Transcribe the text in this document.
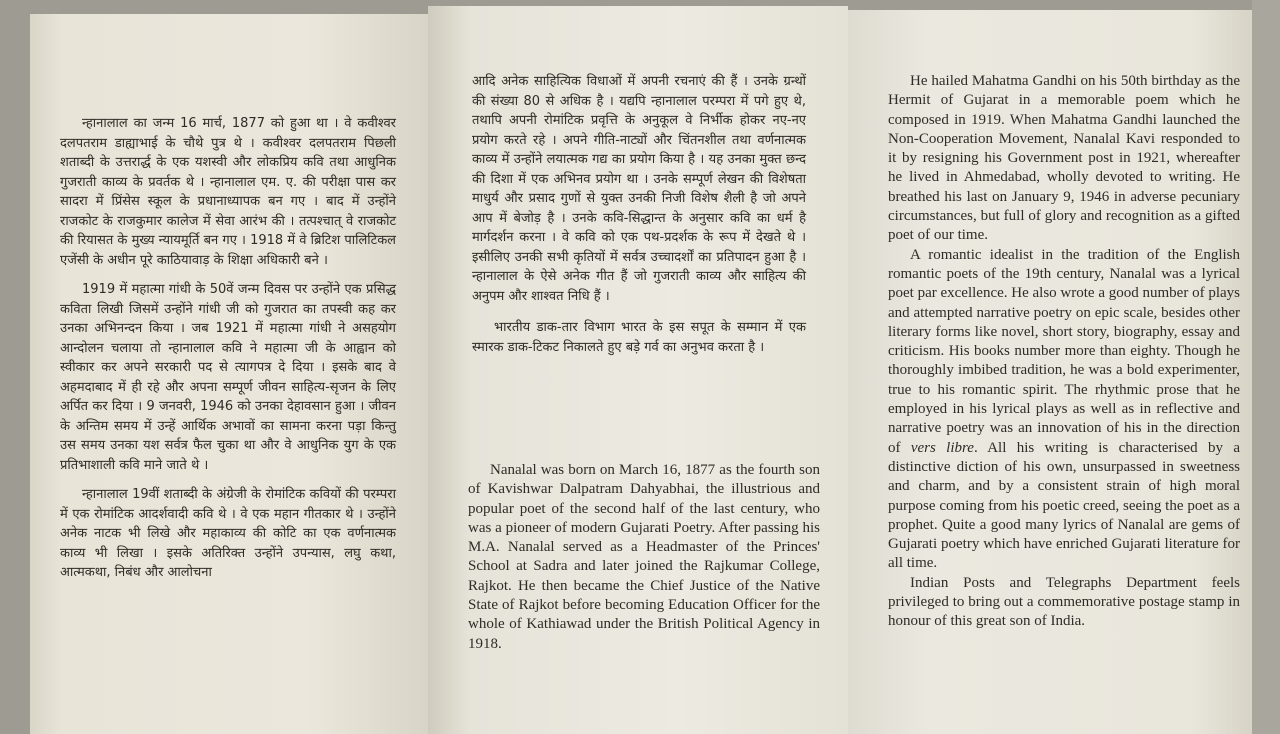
न्हानालाल का जन्म 16 मार्च, 1877 को हुआ था । वे कवीश्वर दलपतराम डाह्याभाई के चौथे पुत्र थे । कवीश्वर दलपतराम पिछली शताब्दी के उत्तरार्द्ध के एक यशस्वी और लोकप्रिय कवि तथा आधुनिक गुजराती काव्य के प्रवर्तक थे । न्हानालाल एम. ए. की परीक्षा पास कर सादरा में प्रिंसेस स्कूल के प्रधानाध्यापक बन गए । बाद में उन्होंने राजकोट के राजकुमार कालेज में सेवा आरंभ की । तत्पश्चात् वे राजकोट की रियासत के मुख्य न्यायमूर्ति बन गए । 1918 में वे ब्रिटिश पालिटिकल एजेंसी के अधीन पूरे काठियावाड़ के शिक्षा अधिकारी बने ।

1919 में महात्मा गांधी के 50वें जन्म दिवस पर उन्होंने एक प्रसिद्ध कविता लिखी जिसमें उन्होंने गांधी जी को गुजरात का तपस्वी कह कर उनका अभिनन्दन किया । जब 1921 में महात्मा गांधी ने असहयोग आन्दोलन चलाया तो न्हानालाल कवि ने महात्मा जी के आह्वान को स्वीकार कर अपने सरकारी पद से त्यागपत्र दे दिया । इसके बाद वे अहमदाबाद में ही रहे और अपना सम्पूर्ण जीवन साहित्य-सृजन के लिए अर्पित कर दिया । 9 जनवरी, 1946 को उनका देहावसान हुआ । जीवन के अन्तिम समय में उन्हें आर्थिक अभावों का सामना करना पड़ा किन्तु उस समय उनका यश सर्वत्र फैल चुका था और वे आधुनिक युग के एक प्रतिभाशाली कवि माने जाते थे ।

न्हानालाल 19वीं शताब्दी के अंग्रेजी के रोमांटिक कवियों की परम्परा में एक रोमांटिक आदर्शवादी कवि थे । वे एक महान गीतकार थे । उन्होंने अनेक नाटक भी लिखे और महाकाव्य की कोटि का एक वर्णनात्मक काव्य भी लिखा । इसके अतिरिक्त उन्होंने उपन्यास, लघु कथा, आत्मकथा, निबंध और आलोचना

आदि अनेक साहित्यिक विधाओं में अपनी रचनाएं की हैं । उनके ग्रन्थों की संख्या 80 से अधिक है । यद्यपि न्हानालाल परम्परा में पगे हुए थे, तथापि अपनी रोमांटिक प्रवृत्ति के अनुकूल वे निर्भीक होकर नए-नए प्रयोग करते रहे । अपने गीति-नाट्यों और चिंतनशील तथा वर्णनात्मक काव्य में उन्होंने लयात्मक गद्य का प्रयोग किया है । यह उनका मुक्त छन्द की दिशा में एक अभिनव प्रयोग था । उनके सम्पूर्ण लेखन की विशेषता माधुर्य और प्रसाद गुणों से युक्त उनकी निजी विशेष शैली है जो अपने आप में बेजोड़ है । उनके कवि-सिद्धान्त के अनुसार कवि का धर्म है मार्गदर्शन करना । वे कवि को एक पथ-प्रदर्शक के रूप में देखते थे । इसीलिए उनकी सभी कृतियों में सर्वत्र उच्चादर्शों का प्रतिपादन हुआ है । न्हानालाल के ऐसे अनेक गीत हैं जो गुजराती काव्य और साहित्य की अनुपम और शाश्वत निधि हैं ।

भारतीय डाक-तार विभाग भारत के इस सपूत के सम्मान में एक स्मारक डाक-टिकट निकालते हुए बड़े गर्व का अनुभव करता है ।

Nanalal was born on March 16, 1877 as the fourth son of Kavishwar Dalpatram Dahyabhai, the illustrious and popular poet of the second half of the last century, who was a pioneer of modern Gujarati Poetry. After passing his M.A. Nanalal served as a Headmaster of the Princes' School at Sadra and later joined the Rajkumar College, Rajkot. He then became the Chief Justice of the Native State of Rajkot before becoming Education Officer for the whole of Kathiawad under the British Political Agency in 1918.

He hailed Mahatma Gandhi on his 50th birthday as the Hermit of Gujarat in a memorable poem which he composed in 1919. When Mahatma Gandhi launched the Non-Cooperation Movement, Nanalal Kavi responded to it by resigning his Government post in 1921, whereafter he lived in Ahmedabad, wholly devoted to writing. He breathed his last on January 9, 1946 in adverse pecuniary circumstances, but full of glory and recognition as a gifted poet of our time.

A romantic idealist in the tradition of the English romantic poets of the 19th century, Nanalal was a lyrical poet par excellence. He also wrote a good number of plays and attempted narrative poetry on epic scale, besides other literary forms like novel, short story, biography, essay and criticism. His books number more than eighty. Though he thoroughly imbibed tradition, he was a bold experimenter, true to his romantic spirit. The rhythmic prose that he employed in his lyrical plays as well as in reflective and narrative poetry was an innovation of his in the direction of vers libre. All his writing is characterised by a distinctive diction of his own, unsurpassed in sweetness and charm, and by a consistent strain of high moral purpose coming from his poetic creed, seeing the poet as a prophet. Quite a good many lyrics of Nanalal are gems of Gujarati poetry which have enriched Gujarati literature for all time.

Indian Posts and Telegraphs Department feels privileged to bring out a commemorative postage stamp in honour of this great son of India.
